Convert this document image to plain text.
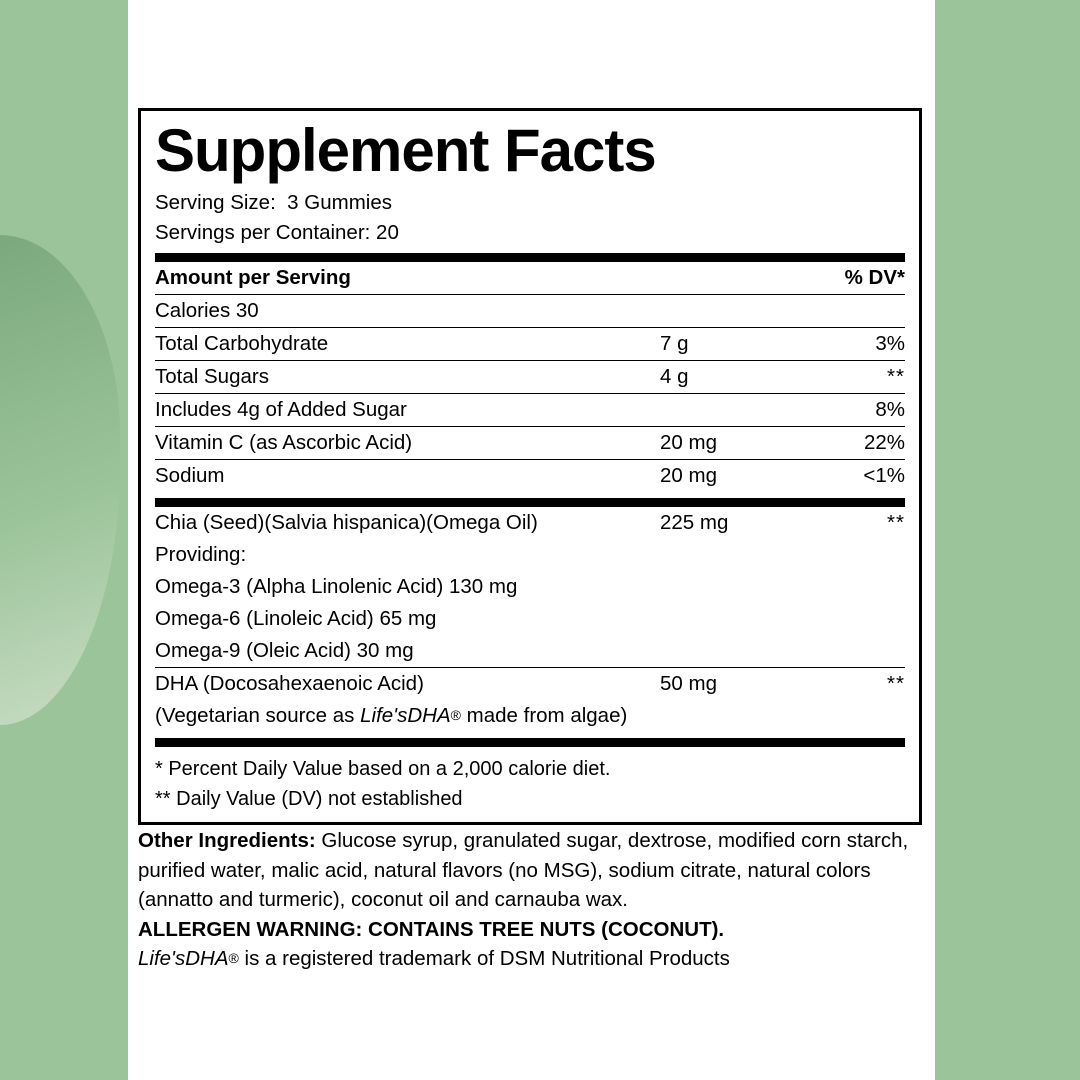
Supplement Facts
Serving Size:  3 Gummies
Servings per Container: 20
Amount per Serving		% DV*
Calories 30		
Total Carbohydrate	7 g	3%
Total Sugars	4 g	**
Includes 4g of Added Sugar		8%
Vitamin C (as Ascorbic Acid)	20 mg	22%
Sodium	20 mg	<1%
Chia (Seed)(Salvia hispanica)(Omega Oil)	225 mg	**
Providing:		
Omega-3 (Alpha Linolenic Acid) 130 mg		
Omega-6 (Linoleic Acid) 65 mg		
Omega-9 (Oleic Acid) 30 mg		
DHA (Docosahexaenoic Acid)	50 mg	**
(Vegetarian source as Life'sDHA® made from algae)		
* Percent Daily Value based on a 2,000 calorie diet.
** Daily Value (DV) not established

Other Ingredients: Glucose syrup, granulated sugar, dextrose, modified corn starch, purified water, malic acid, natural flavors (no MSG), sodium citrate, natural colors (annatto and turmeric), coconut oil and carnauba wax.

ALLERGEN WARNING: CONTAINS TREE NUTS (COCONUT).

Life'sDHA® is a registered trademark of DSM Nutritional Products
